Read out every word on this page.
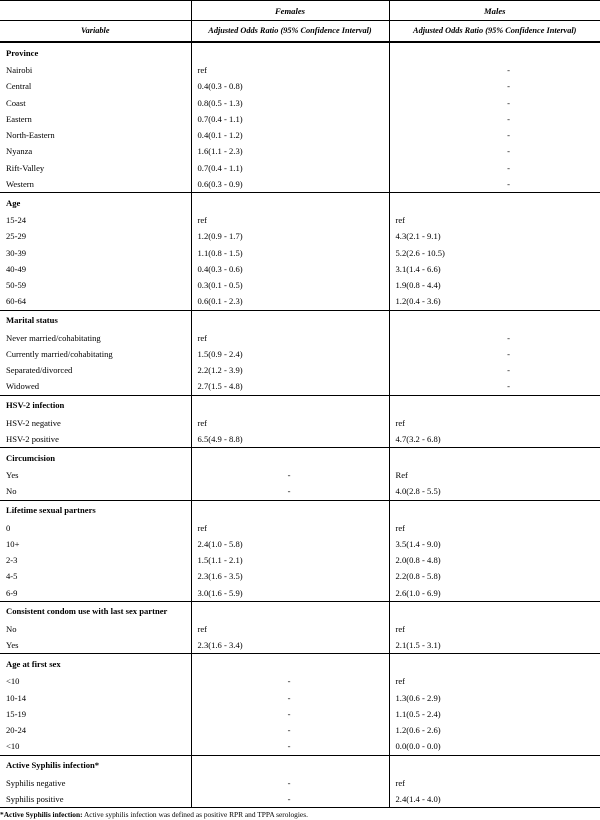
	Females	Males
Variable	Adjusted Odds Ratio (95% Confidence Interval)	Adjusted Odds Ratio (95% Confidence Interval)
Province		
Nairobi	ref	-
Central	0.4(0.3 - 0.8)	-
Coast	0.8(0.5 - 1.3)	-
Eastern	0.7(0.4 - 1.1)	-
North-Eastern	0.4(0.1 - 1.2)	-
Nyanza	1.6(1.1 - 2.3)	-
Rift-Valley	0.7(0.4 - 1.1)	-
Western	0.6(0.3 - 0.9)	-
Age		
15-24	ref	ref
25-29	1.2(0.9 - 1.7)	4.3(2.1 - 9.1)
30-39	1.1(0.8 - 1.5)	5.2(2.6 - 10.5)
40-49	0.4(0.3 - 0.6)	3.1(1.4 - 6.6)
50-59	0.3(0.1 - 0.5)	1.9(0.8 - 4.4)
60-64	0.6(0.1 - 2.3)	1.2(0.4 - 3.6)
Marital status		
Never married/cohabitating	ref	-
Currently married/cohabitating	1.5(0.9 - 2.4)	-
Separated/divorced	2.2(1.2 - 3.9)	-
Widowed	2.7(1.5 - 4.8)	-
HSV-2 infection		
HSV-2 negative	ref	ref
HSV-2 positive	6.5(4.9 - 8.8)	4.7(3.2 - 6.8)
Circumcision		
Yes	-	Ref
No	-	4.0(2.8 - 5.5)
Lifetime sexual partners		
0	ref	ref
10+	2.4(1.0 - 5.8)	3.5(1.4 - 9.0)
2-3	1.5(1.1 - 2.1)	2.0(0.8 - 4.8)
4-5	2.3(1.6 - 3.5)	2.2(0.8 - 5.8)
6-9	3.0(1.6 - 5.9)	2.6(1.0 - 6.9)
Consistent condom use with last sex partner		
No	ref	ref
Yes	2.3(1.6 - 3.4)	2.1(1.5 - 3.1)
Age at first sex		
<10	-	ref
10-14	-	1.3(0.6 - 2.9)
15-19	-	1.1(0.5 - 2.4)
20-24	-	1.2(0.6 - 2.6)
<10	-	0.0(0.0 - 0.0)
Active Syphilis infection*		
Syphilis negative	-	ref
Syphilis positive	-	2.4(1.4 - 4.0)
*Active Syphilis infection: Active syphilis infection was defined as positive RPR and TPPA serologies.
